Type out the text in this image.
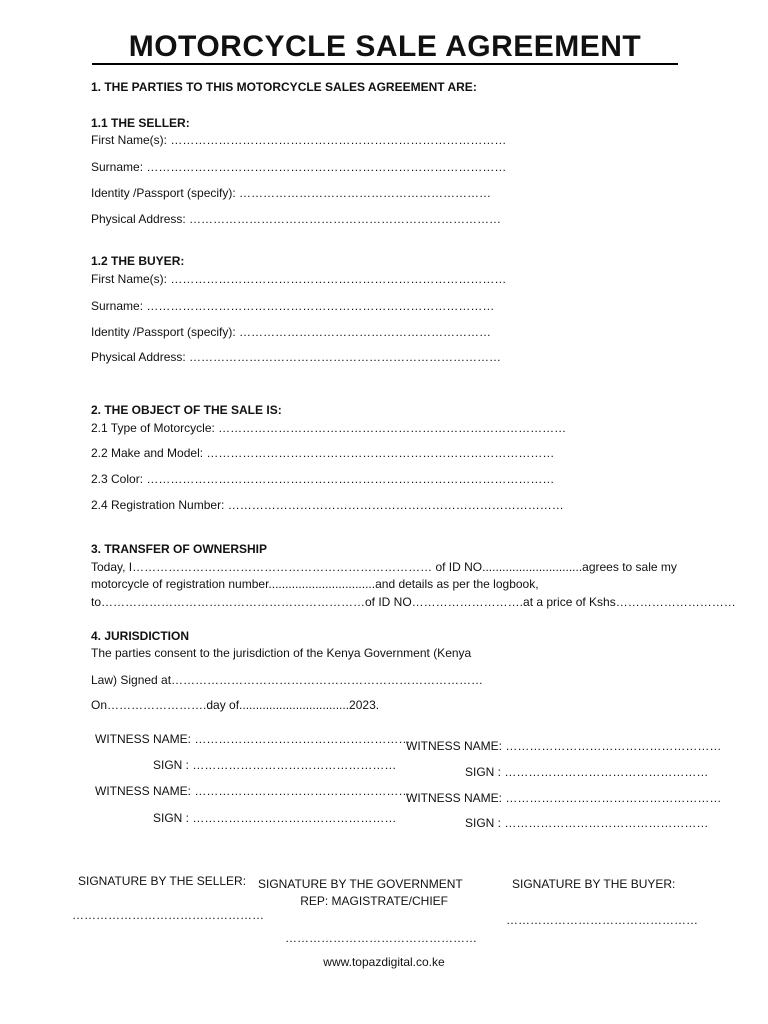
MOTORCYCLE SALE AGREEMENT
1. THE PARTIES TO THIS MOTORCYCLE SALES AGREEMENT ARE:
1.1 THE SELLER:
First Name(s): …………………………………………………………………………
Surname: ………………………………………………………………………………
Identity /Passport (specify): ………………………………………………………
Physical Address: ……………………………………………………………………
1.2 THE BUYER:
First Name(s): …………………………………………………………………………
Surname: ……………………………………………………………………………
Identity /Passport (specify): ………………………………………………………
Physical Address: ……………………………………………………………………
2. THE OBJECT OF THE SALE IS:
2.1 Type of Motorcycle: ……………………………………………………………………………
2.2 Make and Model: ……………………………………………………………………………
2.3 Color: …………………………………………………………………………………………
2.4 Registration Number: …………………………………………………………………………
3. TRANSFER OF OWNERSHIP
Today, I………………………………………………………………… of ID NO..............................agrees to sale my
motorcycle of registration number................................and details as per the logbook,
to…………………………………………………………of ID NO……………………….at a price of Kshs…………………………
4. JURISDICTION
The parties consent to the jurisdiction of the Kenya Government (Kenya
Law) Signed at……………………………………………………………………
On…………………….day of.................................2023.
WITNESS NAME: ………………………………………………
SIGN : ……………………………………………
WITNESS NAME: ………………………………………………
SIGN : ……………………………………………
WITNESS NAME: ………………………………………………
SIGN : ……………………………………………
WITNESS NAME: ………………………………………………
SIGN : ……………………………………………
SIGNATURE BY THE SELLER:
…………………………………………
SIGNATURE BY THE GOVERNMENT
REP: MAGISTRATE/CHIEF
…………………………………………
SIGNATURE BY THE BUYER:
…………………………………………
www.topazdigital.co.ke
